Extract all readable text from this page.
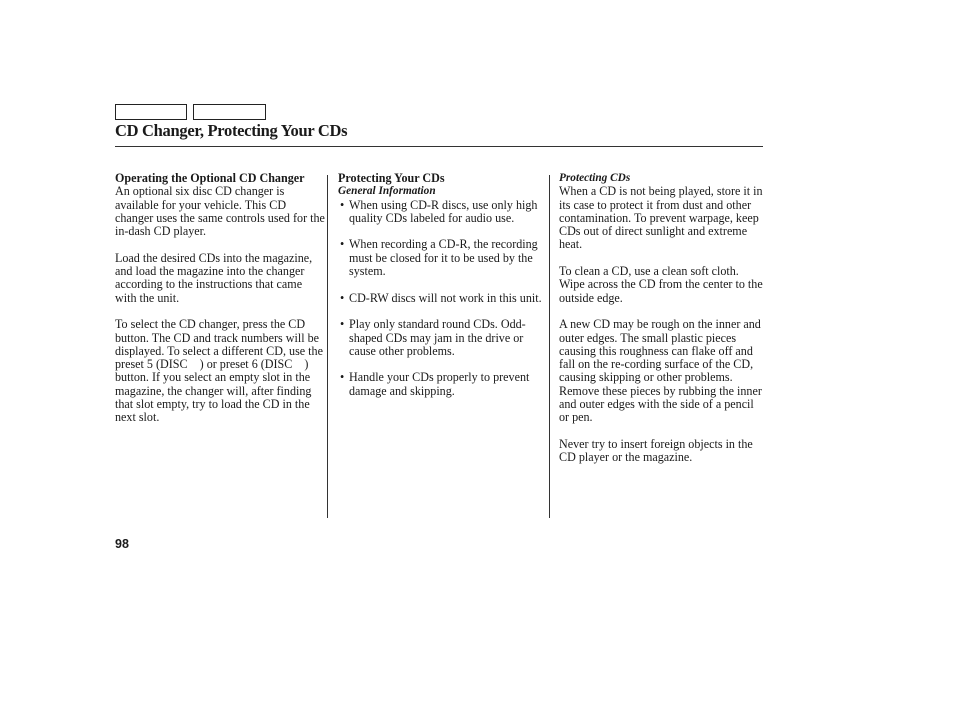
CD Changer, Protecting Your CDs
Operating the Optional CD Changer

An optional six disc CD changer is available for your vehicle. This CD changer uses the same controls used for the in-dash CD player.

Load the desired CDs into the magazine, and load the magazine into the changer according to the instructions that came with the unit.

To select the CD changer, press the CD button. The CD and track numbers will be displayed. To select a different CD, use the preset 5 (DISC    ) or preset 6 (DISC    ) button. If you select an empty slot in the magazine, the changer will, after finding that slot empty, try to load the CD in the next slot.

Protecting Your CDs
General Information
• When using CD-R discs, use only high quality CDs labeled for audio use.
• When recording a CD-R, the recording must be closed for it to be used by the system.
• CD-RW discs will not work in this unit.
• Play only standard round CDs. Odd-shaped CDs may jam in the drive or cause other problems.
• Handle your CDs properly to prevent damage and skipping.
Protecting CDs

When a CD is not being played, store it in its case to protect it from dust and other contamination. To prevent warpage, keep CDs out of direct sunlight and extreme heat.

To clean a CD, use a clean soft cloth. Wipe across the CD from the center to the outside edge.

A new CD may be rough on the inner and outer edges. The small plastic pieces causing this roughness can flake off and fall on the re-cording surface of the CD, causing skipping or other problems. Remove these pieces by rubbing the inner and outer edges with the side of a pencil or pen.

Never try to insert foreign objects in the CD player or the magazine.

98
